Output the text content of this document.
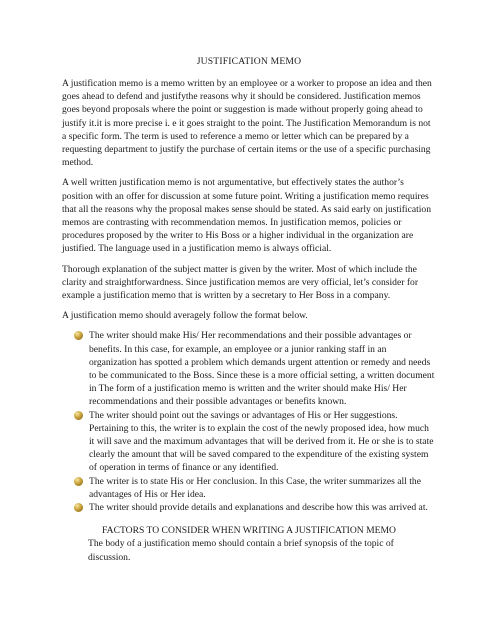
JUSTIFICATION MEMO

A justification memo is a memo written by an employee or a worker to propose an idea and then goes ahead to defend and justifythe reasons why it should be considered. Justification memos goes beyond proposals where the point or suggestion is made without properly going ahead to justify it.it is more precise i. e it goes straight to the point. The Justification Memorandum is not a specific form. The term is used to reference a memo or letter which can be prepared by a requesting department to justify the purchase of certain items or the use of a specific purchasing method.

A well written justification memo is not argumentative, but effectively states the author’s position with an offer for discussion at some future point. Writing a justification memo requires that all the reasons why the proposal makes sense should be stated. As said early on justification memos are contrasting with recommendation memos. In justification memos, policies or procedures proposed by the writer to His Boss or a higher individual in the organization are justified. The language used in a justification memo is always official.

Thorough explanation of the subject matter is given by the writer. Most of which include the clarity and straightforwardness. Since justification memos are very official, let’s consider for example a justification memo that is written by a secretary to Her Boss in a company.

A justification memo should averagely follow the format below.

The writer should make His/ Her recommendations and their possible advantages or benefits. In this case, for example, an employee or a junior ranking staff in an organization has spotted a problem which demands urgent attention or remedy and needs to be communicated to the Boss. Since these is a more official setting, a written document in The form of a justification memo is written and the writer should make His/ Her recommendations and their possible advantages or benefits known.
The writer should point out the savings or advantages of His or Her suggestions. Pertaining to this, the writer is to explain the cost of the newly proposed idea, how much it will save and the maximum advantages that will be derived from it. He or she is to state clearly the amount that will be saved compared to the expenditure of the existing system of operation in terms of finance or any identified.
The writer is to state His or Her conclusion. In this Case, the writer summarizes all the advantages of His or Her idea.
The writer should provide details and explanations and describe how this was arrived at.
FACTORS TO CONSIDER WHEN WRITING A JUSTIFICATION MEMO

The body of a justification memo should contain a brief synopsis of the topic of discussion.
